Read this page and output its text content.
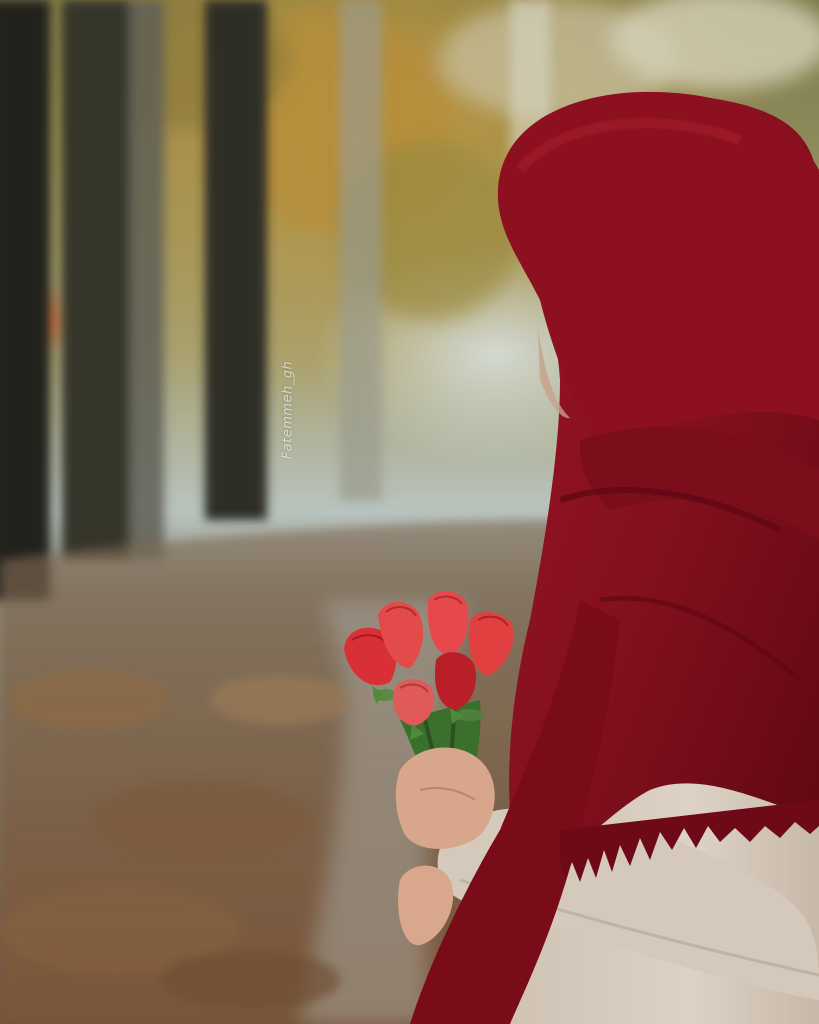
Fatemmeh_gh
